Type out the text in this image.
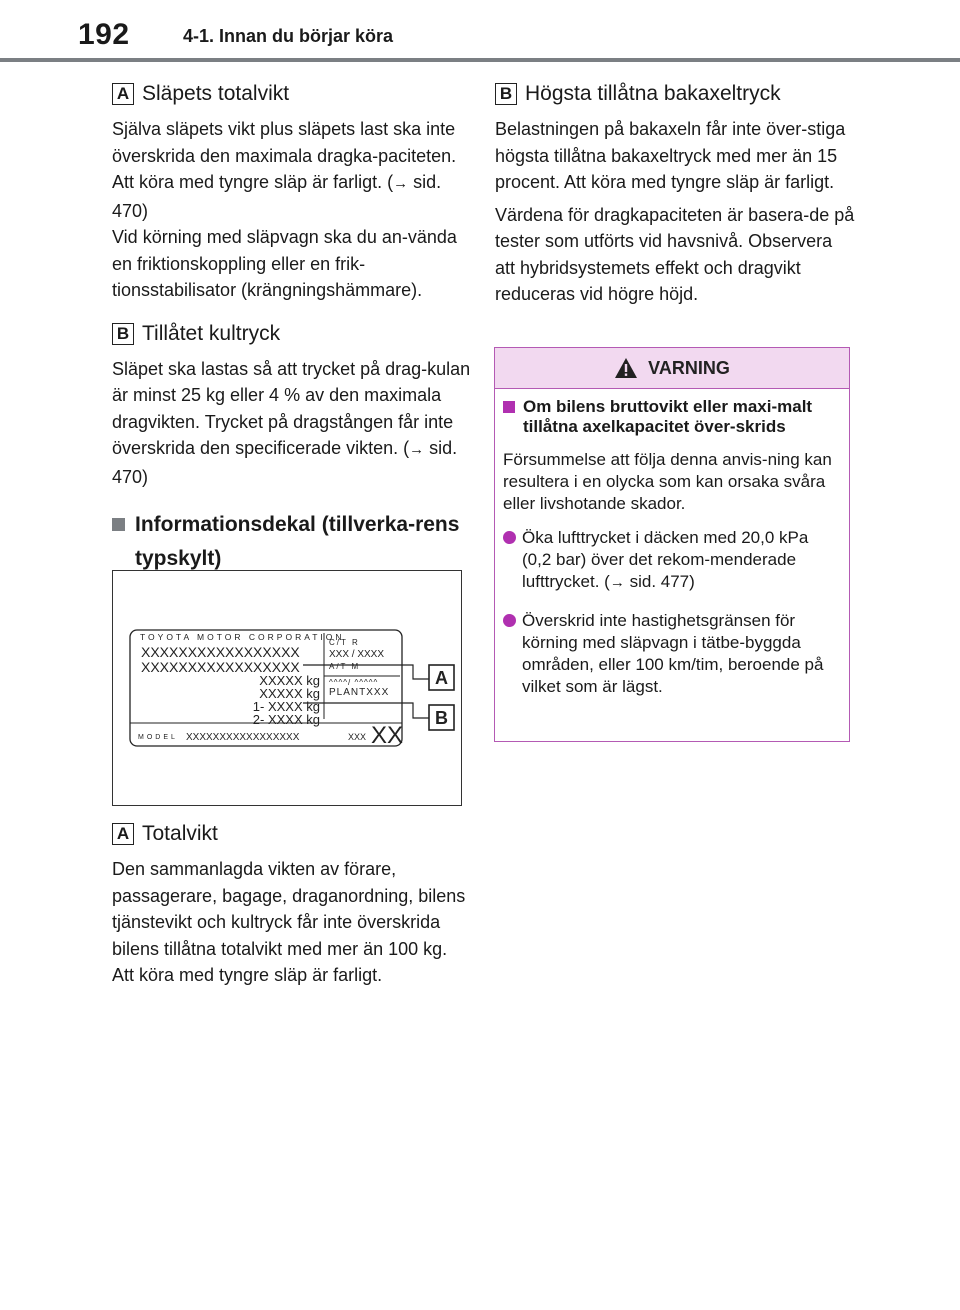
192	4-1. Innan du börjar köra
A Släpets totalvikt

Själva släpets vikt plus släpets last ska inte överskrida den maximala dragka-paciteten. Att köra med tyngre släp är farligt. (→ sid. 470)
Vid körning med släpvagn ska du an-vända en friktionskoppling eller en frik-tionsstabilisator (krängningshämmare).

B Tillåtet kultryck

Släpet ska lastas så att trycket på drag-kulan är minst 25 kg eller 4 % av den maximala dragvikten. Trycket på dragstången får inte överskrida den specificerade vikten. (→ sid. 470)

Informationsdekal (tillverka-rens typskylt)
TOYOTA MOTOR CORPORATION
XXXXXXXXXXXXXXXXX
XXXXXXXXXXXXXXXXX
XXXXX kg
XXXXX kg
1- XXXX kg
2- XXXX kg
C/T R
XXX / XXXX
A/T M
^^^^/ ^^^^^
PLANTXXX
MODEL XXXXXXXXXXXXXXXXX	XXX XX
A
B
A Totalvikt

Den sammanlagda vikten av förare, passagerare, bagage, draganordning, bilens tjänstevikt och kultryck får inte överskrida bilens tillåtna totalvikt med mer än 100 kg. Att köra med tyngre släp är farligt.

B Högsta tillåtna bakaxeltryck

Belastningen på bakaxeln får inte över-stiga högsta tillåtna bakaxeltryck med mer än 15 procent. Att köra med tyngre släp är farligt.

Värdena för dragkapaciteten är basera-de på tester som utförts vid havsnivå. Observera att hybridsystemets effekt och dragvikt reduceras vid högre höjd.

VARNING
Om bilens bruttovikt eller maxi-malt tillåtna axelkapacitet över-skrids

Försummelse att följa denna anvis-ning kan resultera i en olycka som kan orsaka svåra eller livshotande skador.

Öka lufttrycket i däcken med 20,0 kPa (0,2 bar) över det rekom-menderade lufttrycket. (→ sid. 477)
Överskrid inte hastighetsgränsen för körning med släpvagn i tätbe-byggda områden, eller 100 km/tim, beroende på vilket som är lägst.
